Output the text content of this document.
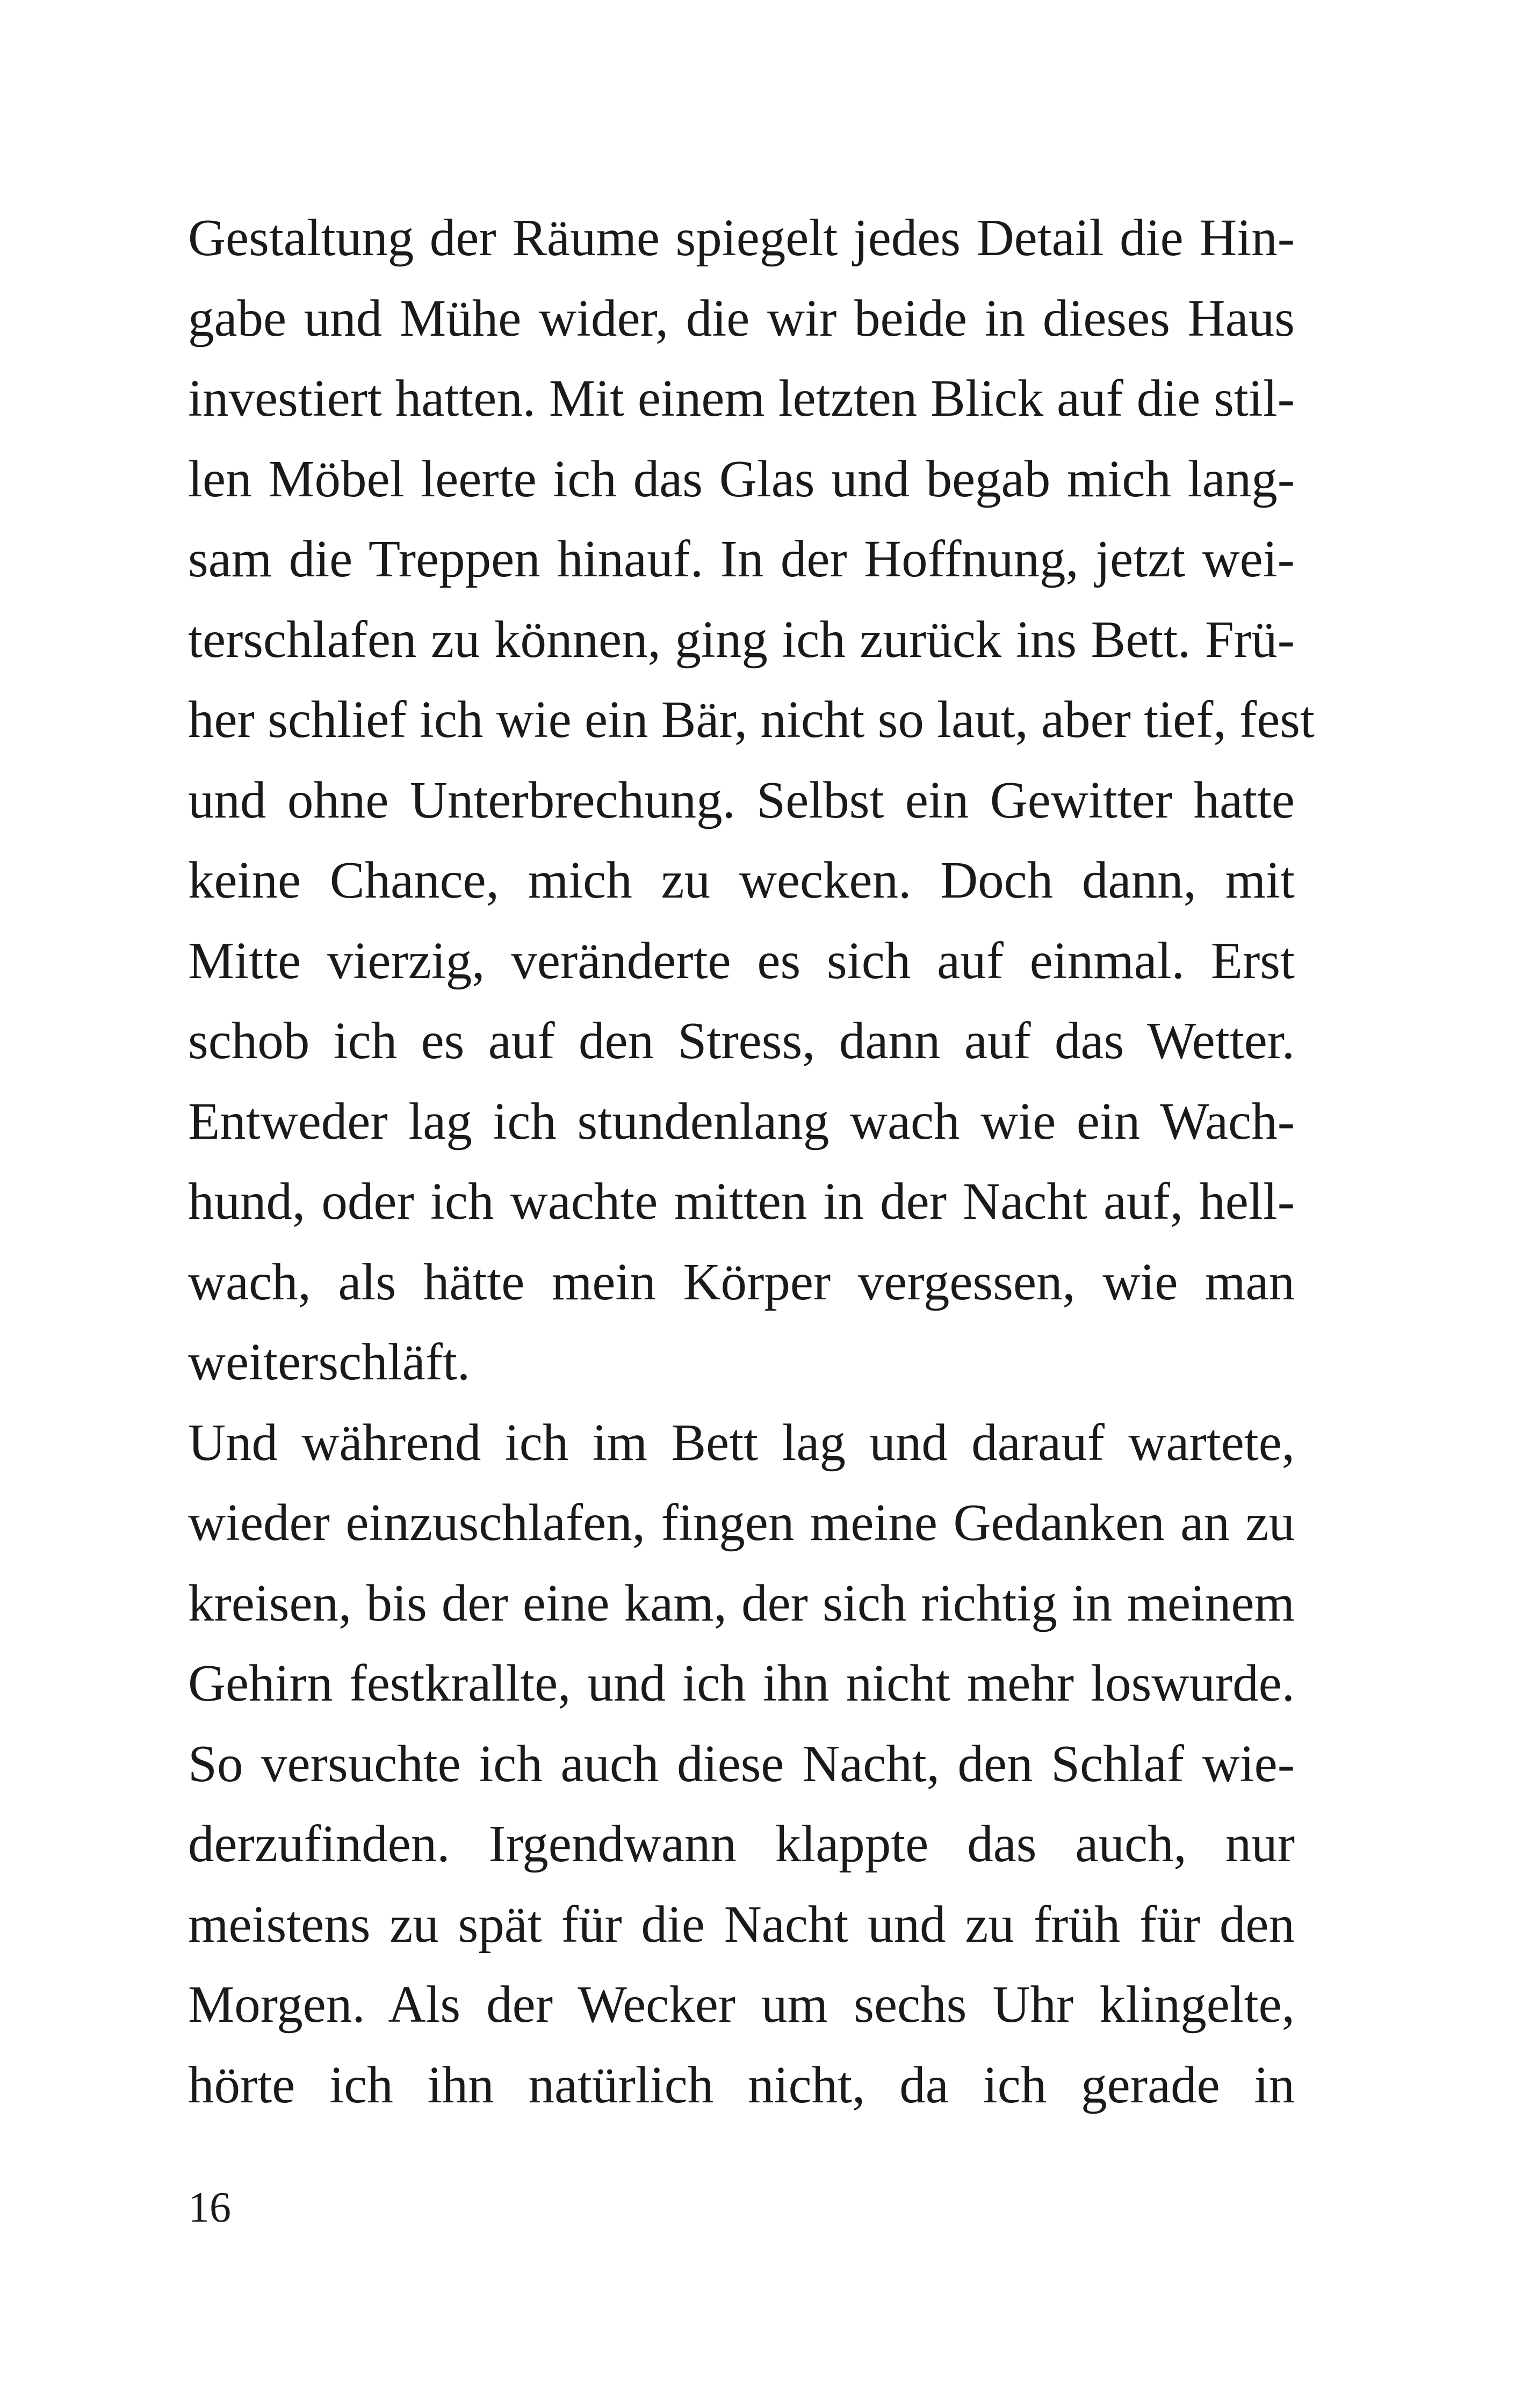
Gestaltung der Räume spiegelt jedes Detail die Hin-
gabe und Mühe wider, die wir beide in dieses Haus
investiert hatten. Mit einem letzten Blick auf die stil-
len Möbel leerte ich das Glas und begab mich lang-
sam die Treppen hinauf. In der Hoffnung, jetzt wei-
terschlafen zu können, ging ich zurück ins Bett. Frü-
her schlief ich wie ein Bär, nicht so laut, aber tief, fest
und ohne Unterbrechung. Selbst ein Gewitter hatte
keine Chance, mich zu wecken. Doch dann, mit
Mitte vierzig, veränderte es sich auf einmal. Erst
schob ich es auf den Stress, dann auf das Wetter.
Entweder lag ich stundenlang wach wie ein Wach-
hund, oder ich wachte mitten in der Nacht auf, hell-
wach, als hätte mein Körper vergessen, wie man
weiterschläft.
Und während ich im Bett lag und darauf wartete,
wieder einzuschlafen, fingen meine Gedanken an zu
kreisen, bis der eine kam, der sich richtig in meinem
Gehirn festkrallte, und ich ihn nicht mehr loswurde.
So versuchte ich auch diese Nacht, den Schlaf wie-
derzufinden. Irgendwann klappte das auch, nur
meistens zu spät für die Nacht und zu früh für den
Morgen. Als der Wecker um sechs Uhr klingelte,
hörte ich ihn natürlich nicht, da ich gerade in
16
